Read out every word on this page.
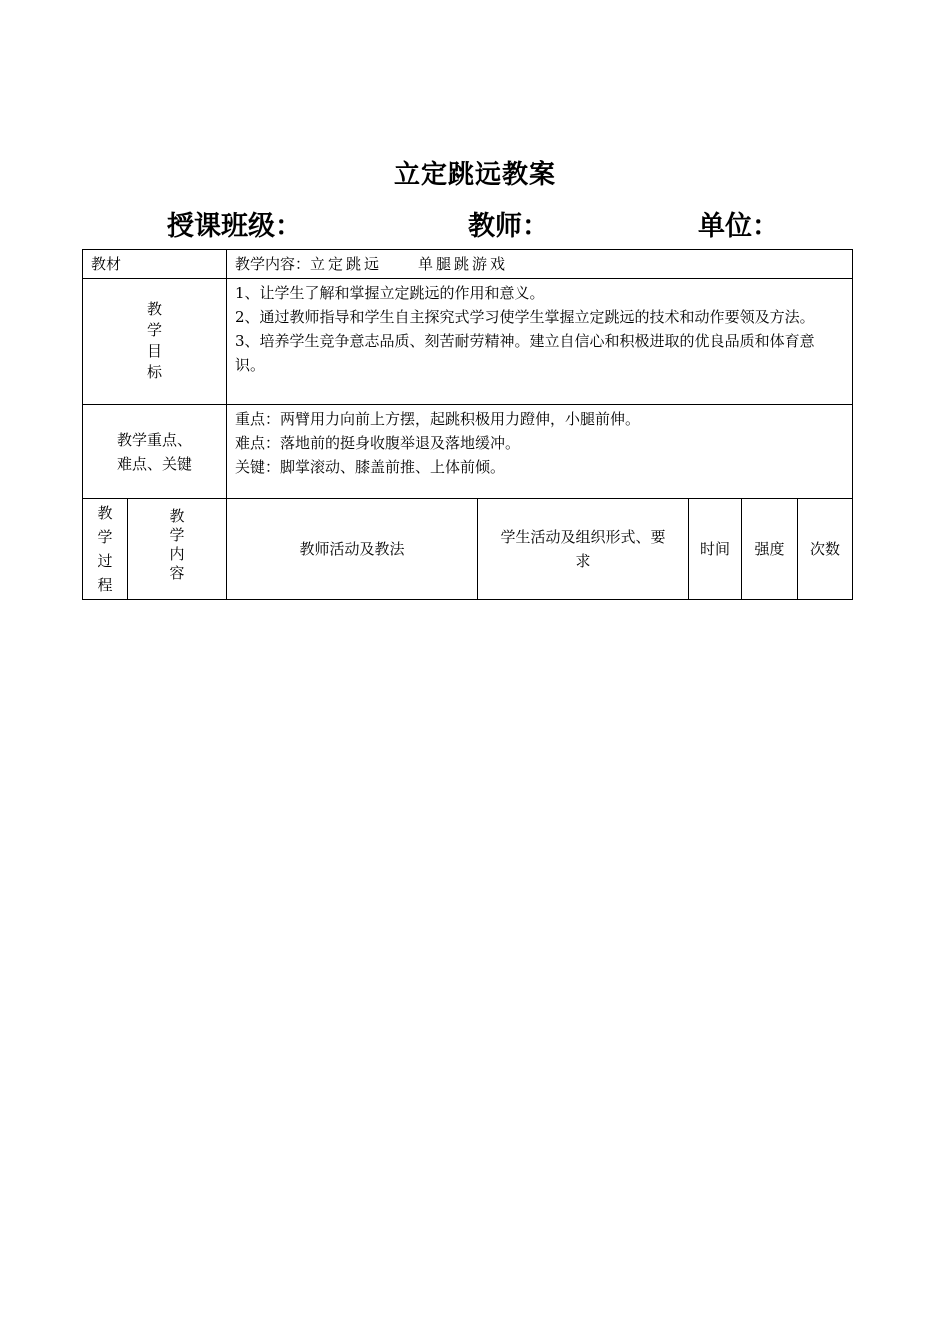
立定跳远教案
授课班级：	教师：	单位：
教材		教学内容：立定跳远 单腿跳游戏				

教
学
目
标		1、让学生了解和掌握立定跳远的作用和意义。
2、通过教师指导和学生自主探究式学习使学生掌握立定跳远的技术和动作要领及方法。
3、培养学生竞争意志品质、刻苦耐劳精神。建立自信心和积极进取的优良品质和体育意识。				

教学重点、
难点、关键		重点：两臂用力向前上方摆，起跳积极用力蹬伸，小腿前伸。
难点：落地前的挺身收腹举退及落地缓冲。
关键：脚掌滚动、膝盖前推、上体前倾。				

教
学
过
程	教
学
内
容	教师活动及教法	学生活动及组织形式、要
求	时间	强度	次数
